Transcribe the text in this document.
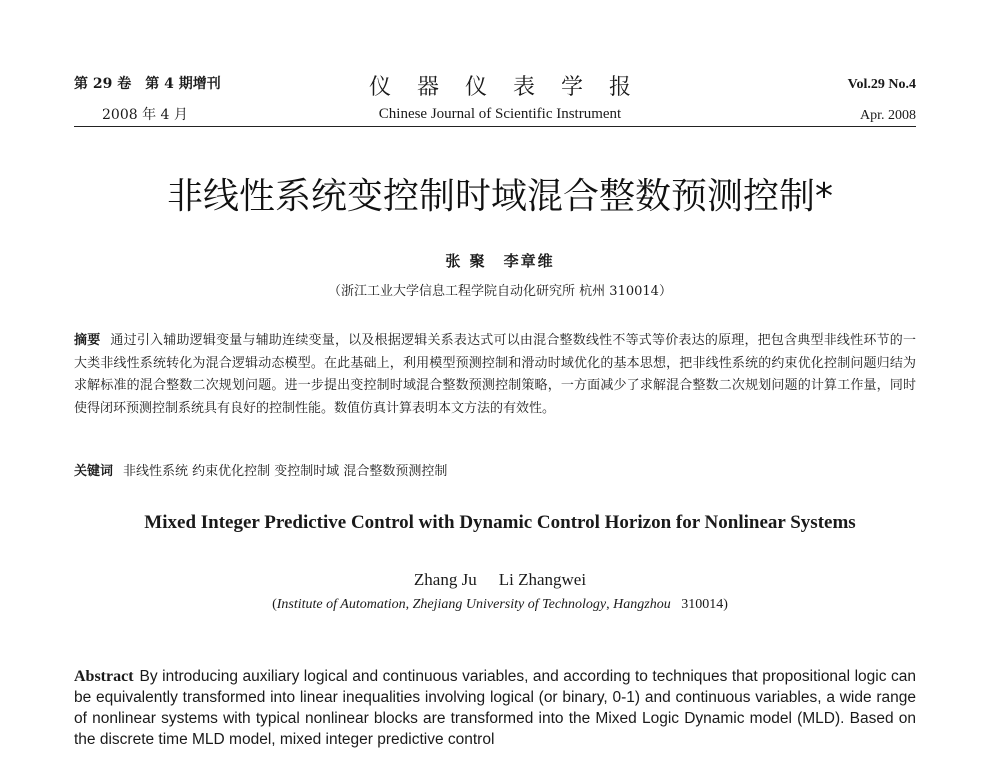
第 29 卷　第 4 期增刊	Vol.29 No.4
仪器仪表学报
2008 年 4 月	Apr. 2008
Chinese Journal of Scientific Instrument
非线性系统变控制时域混合整数预测控制*
张 聚　李章维
（浙江工业大学信息工程学院自动化研究所 杭州 310014）
摘要 通过引入辅助逻辑变量与辅助连续变量，以及根据逻辑关系表达式可以由混合整数线性不等式等价表达的原理，把包含典型非线性环节的一大类非线性系统转化为混合逻辑动态模型。在此基础上，利用模型预测控制和滑动时域优化的基本思想，把非线性系统的约束优化控制问题归结为求解标准的混合整数二次规划问题。进一步提出变控制时域混合整数预测控制策略，一方面减少了求解混合整数二次规划问题的计算工作量，同时使得闭环预测控制系统具有良好的控制性能。数值仿真计算表明本文方法的有效性。
关键词 非线性系统 约束优化控制 变控制时域 混合整数预测控制
Mixed Integer Predictive Control with Dynamic Control Horizon for Nonlinear Systems
Zhang Ju Li Zhangwei
(Institute of Automation, Zhejiang University of Technology, Hangzhou 310014)
Abstract By introducing auxiliary logical and continuous variables, and according to techniques that propositional logic can be equivalently transformed into linear inequalities involving logical (or binary, 0-1) and continuous variables, a wide range of nonlinear systems with typical nonlinear blocks are transformed into the Mixed Logic Dynamic model (MLD). Based on the discrete time MLD model, mixed integer predictive control
